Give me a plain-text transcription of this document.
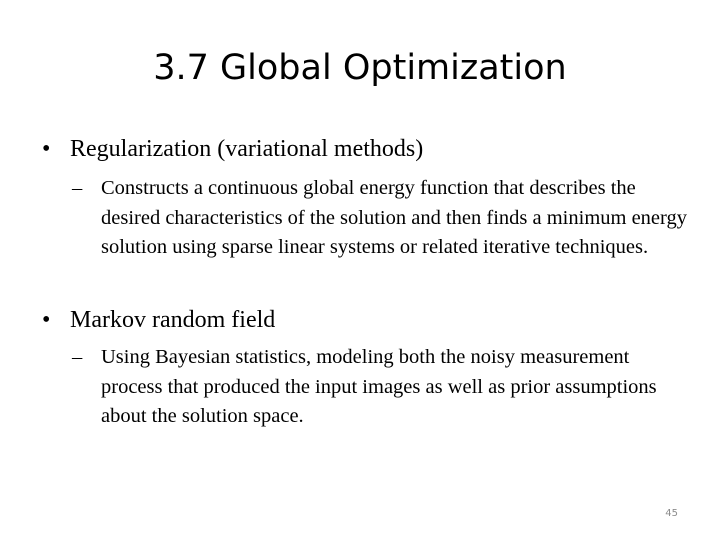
3.7 Global Optimization
• Regularization (variational methods)
– Constructs a continuous global energy function that describes the desired characteristics of the solution and then finds a minimum energy solution using sparse linear systems or related iterative techniques.
• Markov random field
– Using Bayesian statistics, modeling both the noisy measurement process that produced the input images as well as prior assumptions about the solution space.
45
